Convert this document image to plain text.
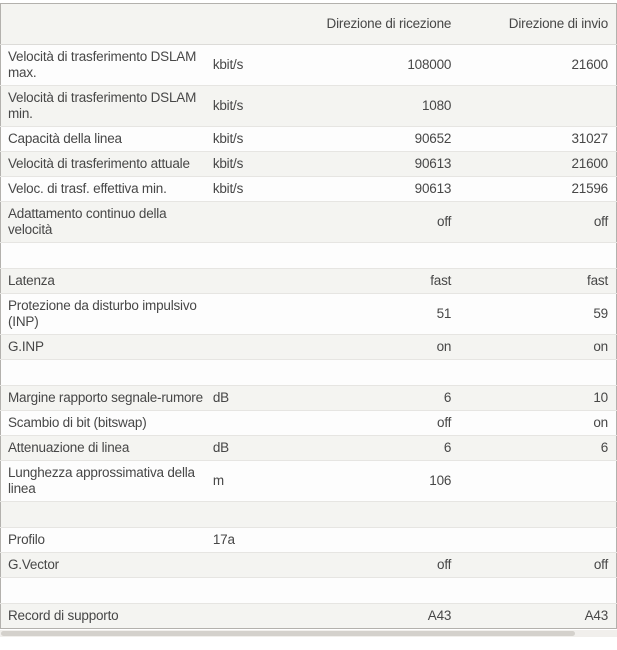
		Direzione di ricezione	Direzione di invio
Velocità di trasferimento DSLAM max.	kbit/s	108000	21600
Velocità di trasferimento DSLAM min.	kbit/s	1080	
Capacità della linea	kbit/s	90652	31027
Velocità di trasferimento attuale	kbit/s	90613	21600
Veloc. di trasf. effettiva min.	kbit/s	90613	21596
Adattamento continuo della velocità		off	off

Latenza		fast	fast
Protezione da disturbo impulsivo (INP)		51	59
G.INP		on	on

Margine rapporto segnale-rumore	dB	6	10
Scambio di bit (bitswap)		off	on
Attenuazione di linea	dB	6	6
Lunghezza approssimativa della linea	m	106	

Profilo	17a		
G.Vector		off	off

Record di supporto		A43	A43
